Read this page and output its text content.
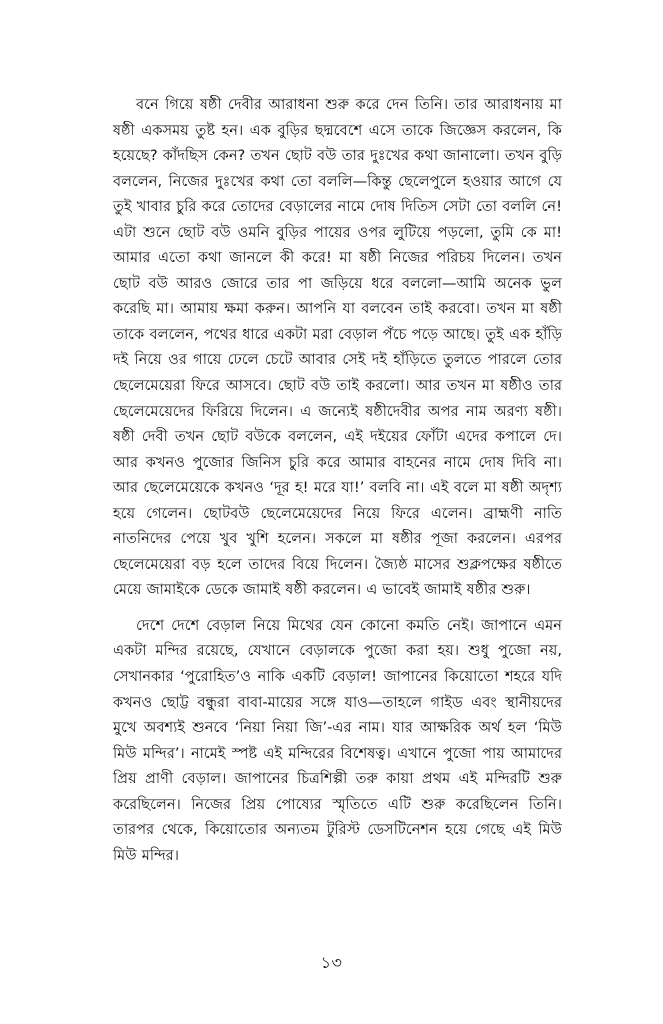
বনে গিয়ে ষষ্ঠী দেবীর আরাধনা শুরু করে দেন তিনি। তার আরাধনায় মা ষষ্ঠী একসময় তুষ্ট হন। এক বুড়ির ছদ্মবেশে এসে তাকে জিজ্ঞেস করলেন, কি হয়েছে? কাঁদছিস কেন? তখন ছোট বউ তার দুঃখের কথা জানালো। তখন বুড়ি বললেন, নিজের দুঃখের কথা তো বললি—কিন্তু ছেলেপুলে হওয়ার আগে যে তুই খাবার চুরি করে তোদের বেড়ালের নামে দোষ দিতিস সেটা তো বললি নে! এটা শুনে ছোট বউ ওমনি বুড়ির পায়ের ওপর লুটিয়ে পড়লো, তুমি কে মা! আমার এতো কথা জানলে কী করে! মা ষষ্ঠী নিজের পরিচয় দিলেন। তখন ছোট বউ আরও জোরে তার পা জড়িয়ে ধরে বললো—আমি অনেক ভুল করেছি মা। আমায় ক্ষমা করুন। আপনি যা বলবেন তাই করবো। তখন মা ষষ্ঠী তাকে বললেন, পথের ধারে একটা মরা বেড়াল পঁচে পড়ে আছে। তুই এক হাঁড়ি দই নিয়ে ওর গায়ে ঢেলে চেটে আবার সেই দই হাঁড়িতে তুলতে পারলে তোর ছেলেমেয়েরা ফিরে আসবে। ছোট বউ তাই করলো। আর তখন মা ষষ্ঠীও তার ছেলেমেয়েদের ফিরিয়ে দিলেন। এ জন্যেই ষষ্ঠীদেবীর অপর নাম অরণ্য ষষ্ঠী। ষষ্ঠী দেবী তখন ছোট বউকে বললেন, এই দইয়ের ফোঁটা এদের কপালে দে। আর কখনও পুজোর জিনিস চুরি করে আমার বাহনের নামে দোষ দিবি না। আর ছেলেমেয়েকে কখনও ‘দূর হ! মরে যা!’ বলবি না। এই বলে মা ষষ্ঠী অদৃশ্য হয়ে গেলেন। ছোটবউ ছেলেমেয়েদের নিয়ে ফিরে এলেন। ব্রাহ্মণী নাতি নাতনিদের পেয়ে খুব খুশি হলেন। সকলে মা ষষ্ঠীর পূজা করলেন। এরপর ছেলেমেয়েরা বড় হলে তাদের বিয়ে দিলেন। জ্যৈষ্ঠ মাসের শুক্লপক্ষের ষষ্ঠীতে মেয়ে জামাইকে ডেকে জামাই ষষ্ঠী করলেন। এ ভাবেই জামাই ষষ্ঠীর শুরু।

দেশে দেশে বেড়াল নিয়ে মিথের যেন কোনো কমতি নেই। জাপানে এমন একটা মন্দির রয়েছে, যেখানে বেড়ালকে পুজো করা হয়। শুধু পুজো নয়, সেখানকার ‘পুরোহিত’ও নাকি একটি বেড়াল! জাপানের কিয়োতো শহরে যদি কখনও ছোট্ট বন্ধুরা বাবা-মায়ের সঙ্গে যাও—তাহলে গাইড এবং স্থানীয়দের মুখে অবশ্যই শুনবে ‘নিয়া নিয়া জি’-এর নাম। যার আক্ষরিক অর্থ হল ‘মিউ মিউ মন্দির’। নামেই স্পষ্ট এই মন্দিরের বিশেষত্ব। এখানে পুজো পায় আমাদের প্রিয় প্রাণী বেড়াল। জাপানের চিত্রশিল্পী তরু কায়া প্রথম এই মন্দিরটি শুরু করেছিলেন। নিজের প্রিয় পোষ্যের স্মৃতিতে এটি শুরু করেছিলেন তিনি। তারপর থেকে, কিয়োতোর অন্যতম টুরিস্ট ডেসটিনেশন হয়ে গেছে এই মিউ মিউ মন্দির।

১৩
